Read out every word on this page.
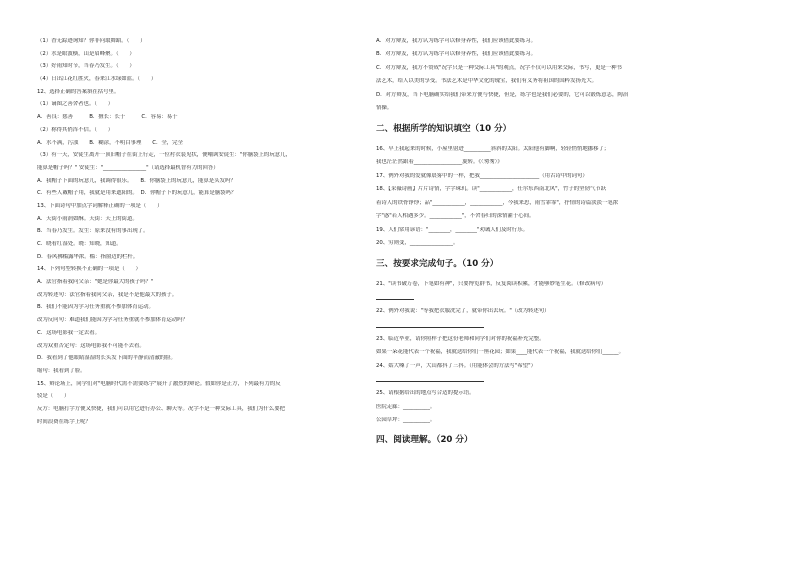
（1）香无踪迹询知？你非问取舞蹈。（　　）
（2）水是眼波横，山是眉峰聚。（　　）
（3）好雨知时节，当春乃发生。（　　）
（4）日出江花红胜火，春来江水绿如蓝。（　　）
12、选择正确的答案填在括号里。
（1）谪图之善舍者也。（　　）
A．善良：慈善　　　B．擅长：长于　　　C．容易：易于
（2）称得其俏浑不信。（　　）
A．水不满，污浊　　B．糊涂，不明白事理　　C．全，完全
（3）有一天，安徒生离开一顶旧帽子在街上行走，一位衬衣装见状，便嘲讽安徒生："你脑袋上的玩意儿，
能算是帽子吗？" 安徒生："________________"（请选择最机智有力的回答）
A．我帽子下面的玩意儿，我调得很乐。　　B．你脑袋上的玩意儿，能算是头发吗？
C．有些人戴帽子用，我就是用来遮阳的。　D．你帽子下的玩意儿，能算是脑袋吗？
13、下面诗句中加点字词解释正确的一项是（　　）
A．天街小雨润如酥。天街：天上的街道。
B．当春乃发生。发生：原来没有的事出现了。
C．晓看红湿处。晓：知晓，知道。
D．春风拂槛露华浓。槛：指窗边的栏杆。
14、下列句型转换不正确的一项是（　　）
A．法官指着我问父亲："她是你最大的孩子吗？"
改为转述句：法官指着我问父亲，我是不是他最大的孩子。
B．我们不能因为学习任务重就不参加体育运动。
改为反问句：难道我们能因为学习任务重就不参加体育运动吗？
C．这场电影我一定去看。
改为双重否定句：这场电影我不可能不去看。
D．我看到了他眼睛湿湿的长头发下面的平静而清澈的脸。
缩句：我看到了脸。
15、辩论场上，同学们对"电脑时代需不需要练字"展开了激烈的辩论。假如你是正方，下列最有力的反
驳是（　　）
反方：电脑打字方便又快捷，我们可以用它进行办公、聊天等。况字不是一种交际工具，我们为什么要把
时间浪费在练字上呢？
A．对方辩友，我方认为练字可以修身养性，我们应该借此要练习。
B．对方辩友，我方认为练字可以修身养性，我们应该借此要练习。
C．对方辩友，我方不赞成"况字只是一种交际工具"的观点，况字不仅可以用来交际，书写，更是一种书
法艺术，给人以美的享受。书法艺术是中华文化的瑰宝，我们有义务将祖国的国粹发扬光大。
D．对方辩友，当下电脑确实给我们带来方便与快捷，但是，练字也是我们必要的，它可以锻炼意志，陶冶
情操。
二、根据所学的知识填空（10 分）
16、早上我起来的时候，小屋里射进__________斜斜的太阳。太阳他有脚啊，轻轻悄悄地挪移了；
我也茫茫然跟着__________________旋转。《〈匆匆〉》
17、例外对我的爱就像晨雾中的一样，把我______________________（用古诗中的词句）
18、【采薇诗画】片片诗情，字字珠玑。读"____________，任尔东西南北风"，竹子的坚韧气节跃
着诗人的铁骨铮铮；品"____________，____________，今我来思，雨雪霏霏"，抒情的诗篇淡淡一笔浓
字"惑"若人相遇多少。____________"，不舍春归的深情灌于心间。
19、人们常用谚语："________，________"劝诫人们及时行乐。
20、穷则变，________________。
三、按要求完成句子。（10 分）
21、"读书破万卷，下笔如有神"，只要博览群书，反复阅读积累，才能够妙笔生花。（修改病句）
22、例外对我说："等我把衣服洗完了，就带你出去玩。"（改为转述句）
23、临近毕业，请你照样子把这份老师和同学们对你的祝福补充完整。
如果一朵花能代表一个祝福，我就送给你们一座花园；如果____能代表一个祝福，我就送给你们______。
24、姑大嗓了一声，大山都抖了三抖。（用能体会的方法写"希望"）
25、请根据给出的地点写合适的提示语。
医院走廊：__________。
公园草坪：__________。
四、阅读理解。（20 分）
